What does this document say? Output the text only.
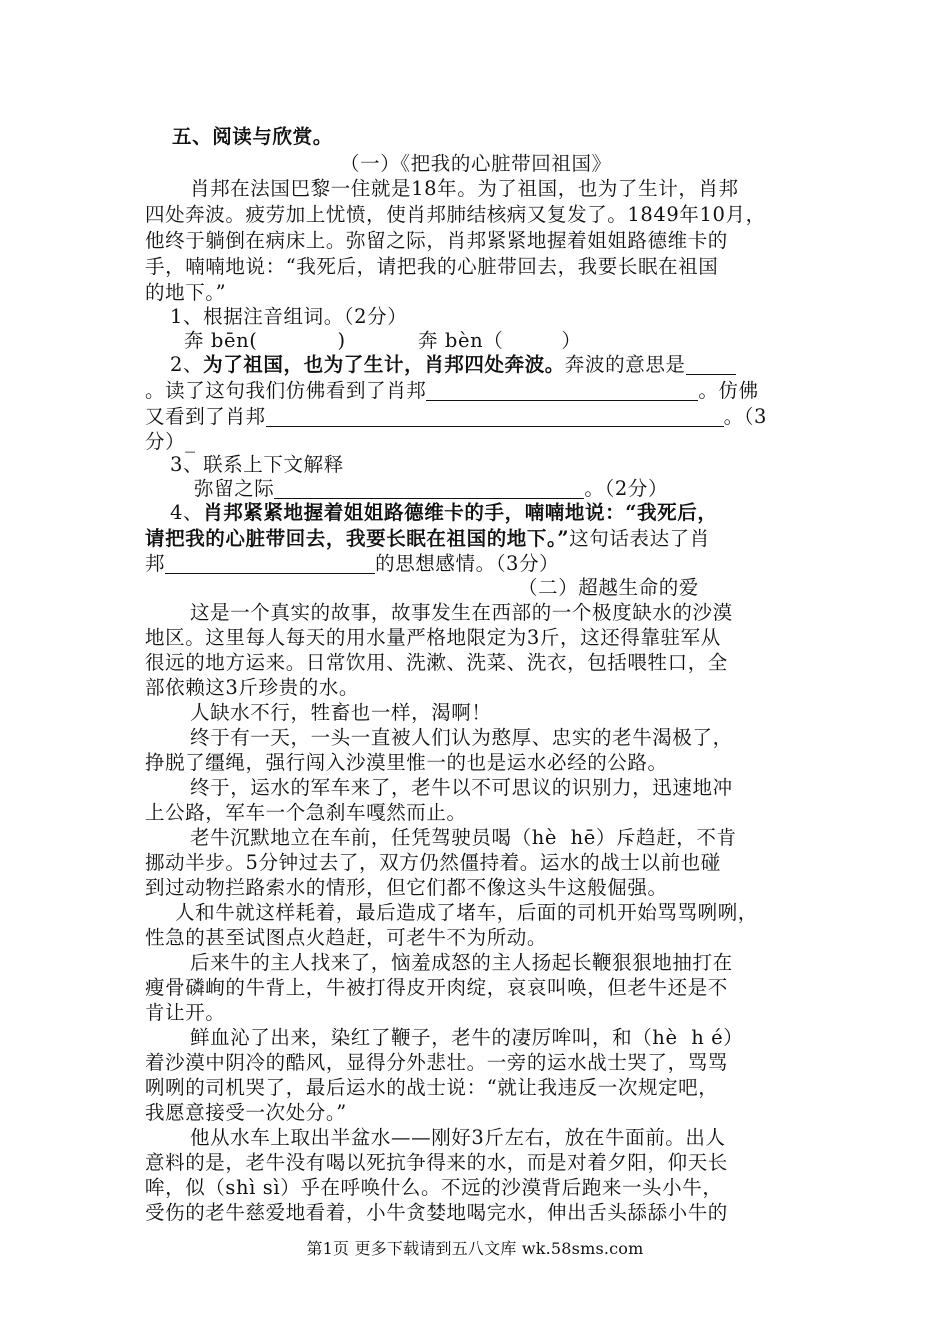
五、阅读与欣赏。
（一）《把我的心脏带回祖国》
肖邦在法国巴黎一住就是18年。为了祖国，也为了生计，肖邦
四处奔波。疲劳加上忧愤，使肖邦肺结核病又复发了。1849年10月，
他终于躺倒在病床上。弥留之际，肖邦紧紧地握着姐姐路德维卡的
手，喃喃地说：“我死后，请把我的心脏带回去，我要长眠在祖国
的地下。”
1、根据注音组词。（2分）
奔 bēn(	)	奔 bèn（	）
2、为了祖国，也为了生计，肖邦四处奔波。奔波的意思是
。读了这句我们仿佛看到了肖邦	。仿佛
又看到了肖邦	。（3
分）_
3、联系上下文解释
弥留之际	。（2分）
4、肖邦紧紧地握着姐姐路德维卡的手，喃喃地说：“我死后，
请把我的心脏带回去，我要长眠在祖国的地下。”这句话表达了肖
邦	的思想感情。（3分）
（二）超越生命的爱
这是一个真实的故事，故事发生在西部的一个极度缺水的沙漠
地区。这里每人每天的用水量严格地限定为3斤，这还得靠驻军从
很远的地方运来。日常饮用、洗漱、洗菜、洗衣，包括喂牲口，全
部依赖这3斤珍贵的水。
人缺水不行，牲畜也一样，渴啊！
终于有一天，一头一直被人们认为憨厚、忠实的老牛渴极了，
挣脱了缰绳，强行闯入沙漠里惟一的也是运水必经的公路。
终于，运水的军车来了，老牛以不可思议的识别力，迅速地冲
上公路，军车一个急刹车嘎然而止。
老牛沉默地立在车前，任凭驾驶员喝（hè  hē）斥趋赶，不肯
挪动半步。5分钟过去了，双方仍然僵持着。运水的战士以前也碰
到过动物拦路索水的情形，但它们都不像这头牛这般倔强。
人和牛就这样耗着，最后造成了堵车，后面的司机开始骂骂咧咧，
性急的甚至试图点火趋赶，可老牛不为所动。
后来牛的主人找来了，恼羞成怒的主人扬起长鞭狠狠地抽打在
瘦骨磷峋的牛背上，牛被打得皮开肉绽，哀哀叫唤，但老牛还是不
肯让开。
鲜血沁了出来，染红了鞭子，老牛的凄厉哞叫，和（hè  h é）
着沙漠中阴冷的酷风，显得分外悲壮。一旁的运水战士哭了，骂骂
咧咧的司机哭了，最后运水的战士说：“就让我违反一次规定吧，
我愿意接受一次处分。”
他从水车上取出半盆水——刚好3斤左右，放在牛面前。出人
意料的是，老牛没有喝以死抗争得来的水，而是对着夕阳，仰天长
哞，似（shì sì）乎在呼唤什么。不远的沙漠背后跑来一头小牛，
受伤的老牛慈爱地看着，小牛贪婪地喝完水，伸出舌头舔舔小牛的
第1页 更多下载请到五八文库 wk.58sms.com
